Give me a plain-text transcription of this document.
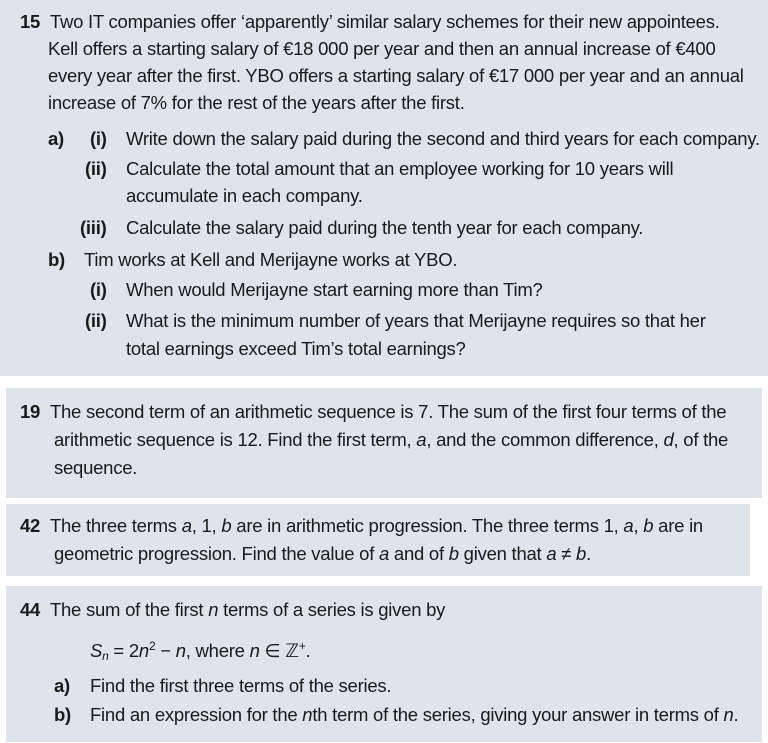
15 Two IT companies offer ‘apparently’ similar salary schemes for their new appointees.
Kell offers a starting salary of €18 000 per year and then an annual increase of €400
every year after the first. YBO offers a starting salary of €17 000 per year and an annual
increase of 7% for the rest of the years after the first.
a) (i) Write down the salary paid during the second and third years for each company.
(ii) Calculate the total amount that an employee working for 10 years will
accumulate in each company.
(iii) Calculate the salary paid during the tenth year for each company.
b) Tim works at Kell and Merijayne works at YBO.
(i) When would Merijayne start earning more than Tim?
(ii) What is the minimum number of years that Merijayne requires so that her
total earnings exceed Tim’s total earnings?
19 The second term of an arithmetic sequence is 7. The sum of the first four terms of the
arithmetic sequence is 12. Find the first term, a, and the common difference, d, of the
sequence.
42 The three terms a, 1, b are in arithmetic progression. The three terms 1, a, b are in
geometric progression. Find the value of a and of b given that a ≠ b.
44 The sum of the first n terms of a series is given by
$S_n = 2n^2 - n$, where n ∈ ℤ+.
a) Find the first three terms of the series.
b) Find an expression for the nth term of the series, giving your answer in terms of n.
